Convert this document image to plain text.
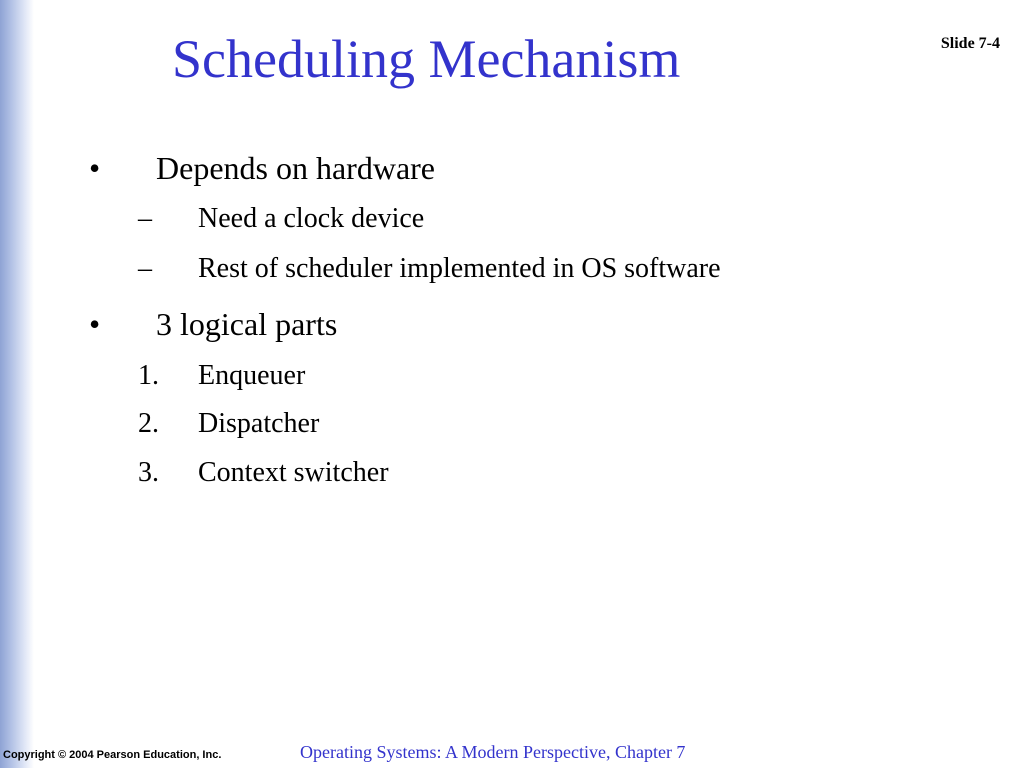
Scheduling Mechanism	Slide 7-4
• Depends on hardware
– Need a clock device
– Rest of scheduler implemented in OS software
• 3 logical parts
1. Enqueuer
2. Dispatcher
3. Context switcher
Copyright © 2004 Pearson Education, Inc.	Operating Systems: A Modern Perspective, Chapter 7
